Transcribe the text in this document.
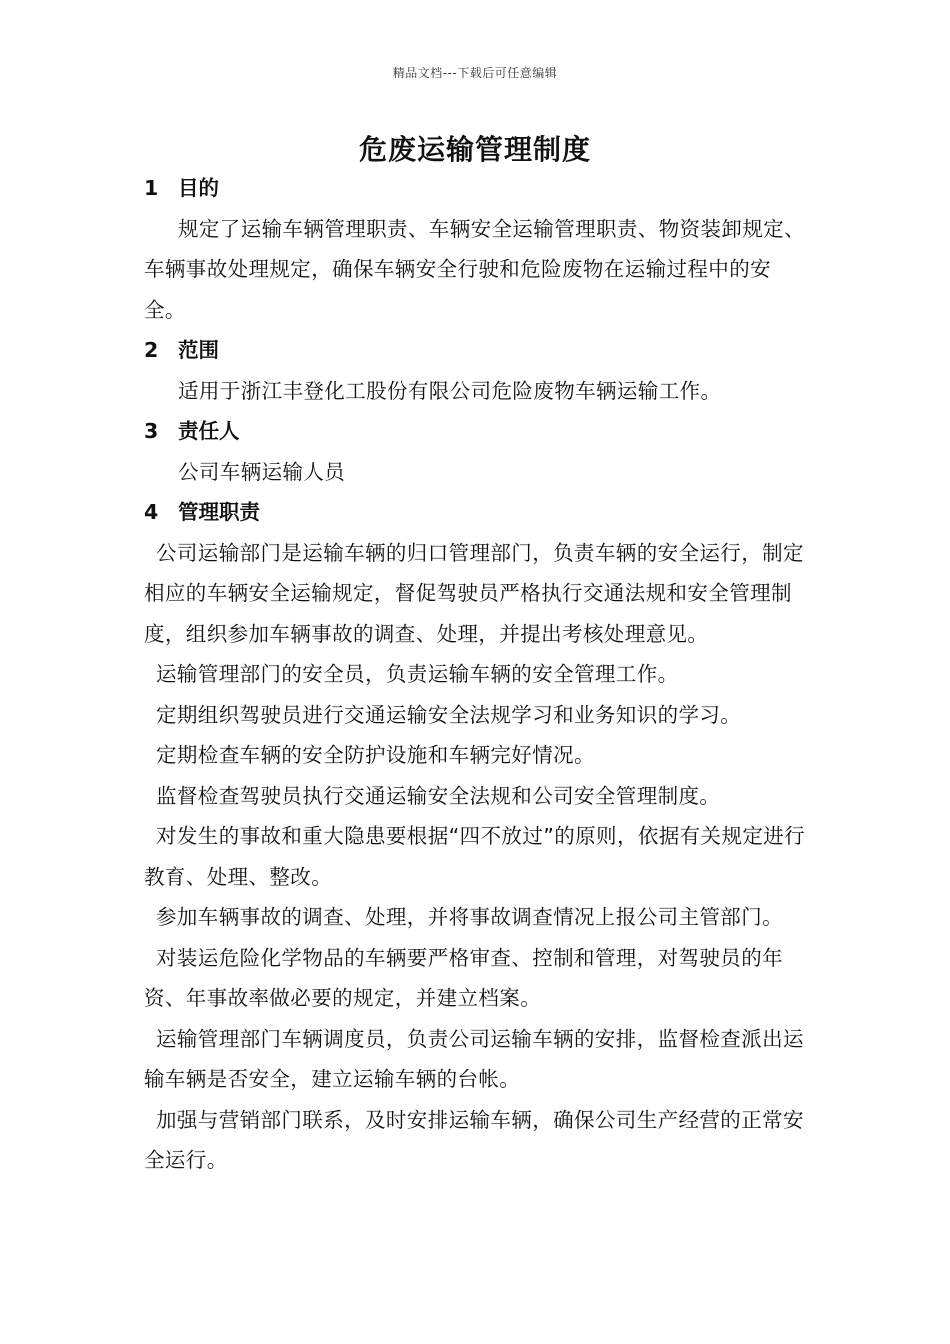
精品文档---下载后可任意编辑
危废运输管理制度
1 目的

规定了运输车辆管理职责、车辆安全运输管理职责、物资装卸规定、车辆事故处理规定，确保车辆安全行驶和危险废物在运输过程中的安全。

2 范围

适用于浙江丰登化工股份有限公司危险废物车辆运输工作。

3 责任人

公司车辆运输人员

4 管理职责

公司运输部门是运输车辆的归口管理部门，负责车辆的安全运行，制定相应的车辆安全运输规定，督促驾驶员严格执行交通法规和安全管理制度，组织参加车辆事故的调查、处理，并提出考核处理意见。

运输管理部门的安全员，负责运输车辆的安全管理工作。

定期组织驾驶员进行交通运输安全法规学习和业务知识的学习。

定期检查车辆的安全防护设施和车辆完好情况。

监督检查驾驶员执行交通运输安全法规和公司安全管理制度。

对发生的事故和重大隐患要根据“四不放过”的原则，依据有关规定进行教育、处理、整改。

参加车辆事故的调查、处理，并将事故调查情况上报公司主管部门。

对装运危险化学物品的车辆要严格审查、控制和管理，对驾驶员的年资、年事故率做必要的规定，并建立档案。

运输管理部门车辆调度员，负责公司运输车辆的安排，监督检查派出运输车辆是否安全，建立运输车辆的台帐。

加强与营销部门联系，及时安排运输车辆，确保公司生产经营的正常安全运行。
